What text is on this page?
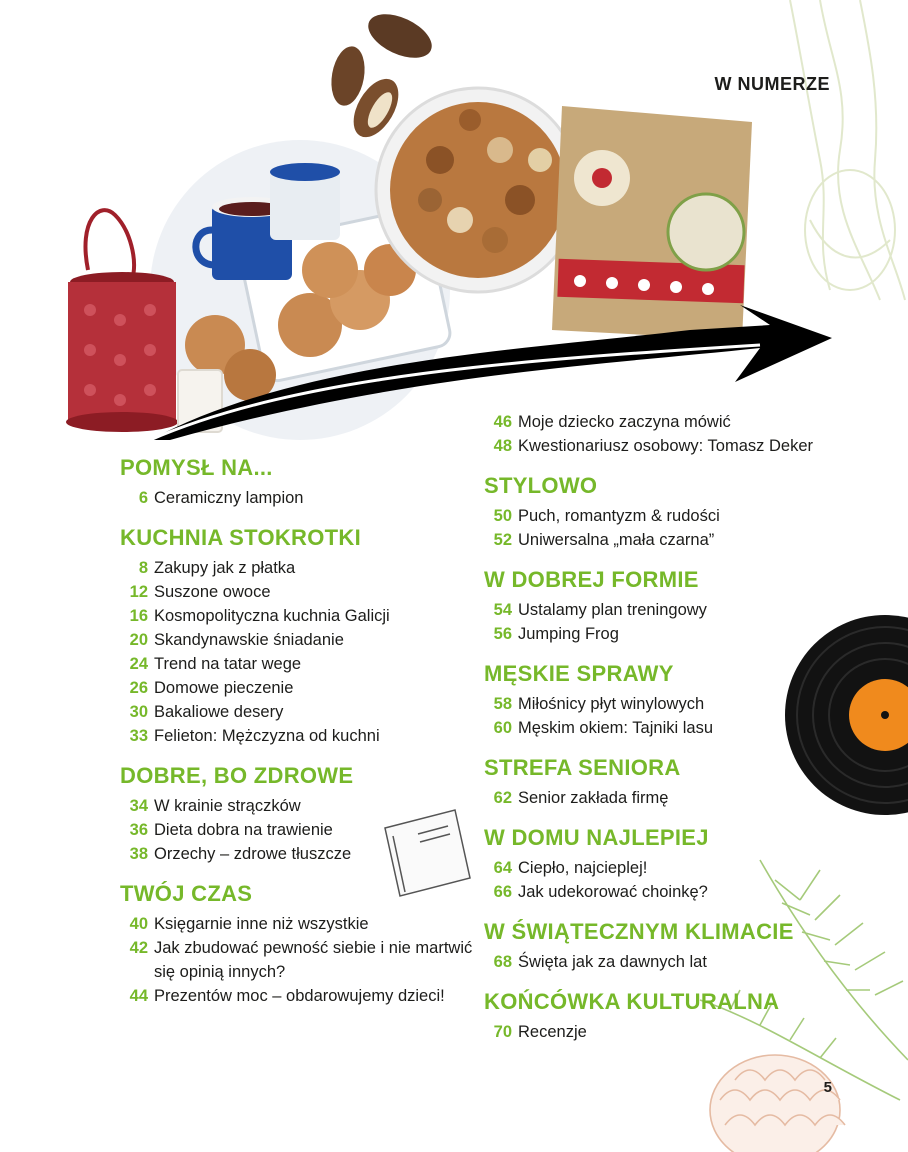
W NUMERZE
POMYSŁ NA...
6 Ceramiczny lampion
KUCHNIA STOKROTKI
8 Zakupy jak z płatka
12 Suszone owoce
16 Kosmopolityczna kuchnia Galicji
20 Skandynawskie śniadanie
24 Trend na tatar wege
26 Domowe pieczenie
30 Bakaliowe desery
33 Felieton: Mężczyzna od kuchni
DOBRE, BO ZDROWE
34 W krainie strączków
36 Dieta dobra na trawienie
38 Orzechy – zdrowe tłuszcze
TWÓJ CZAS
40 Księgarnie inne niż wszystkie
42 Jak zbudować pewność siebie i nie martwić się opinią innych?
44 Prezentów moc – obdarowujemy dzieci!
46 Moje dziecko zaczyna mówić
48 Kwestionariusz osobowy: Tomasz Deker
STYLOWO
50 Puch, romantyzm & rudości
52 Uniwersalna „mała czarna”
W DOBREJ FORMIE
54 Ustalamy plan treningowy
56 Jumping Frog
MĘSKIE SPRAWY
58 Miłośnicy płyt winylowych
60 Męskim okiem: Tajniki lasu
STREFA SENIORA
62 Senior zakłada firmę
W DOMU NAJLEPIEJ
64 Ciepło, najcieplej!
66 Jak udekorować choinkę?
W ŚWIĄTECZNYM KLIMACIE
68 Święta jak za dawnych lat
KOŃCÓWKA KULTURALNA
70 Recenzje
5
